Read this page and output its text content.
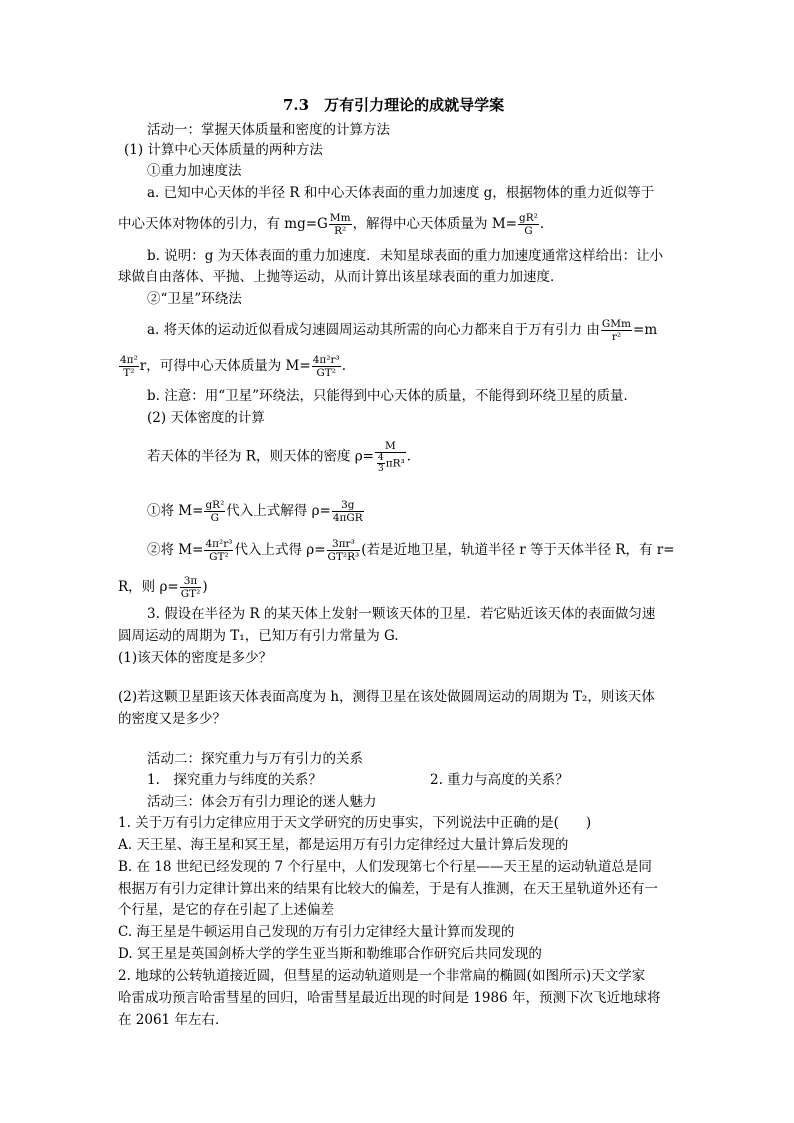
7.3　万有引力理论的成就导学案
活动一：掌握天体质量和密度的计算方法
(1) 计算中心天体质量的两种方法
①重力加速度法
a. 已知中心天体的半径 R 和中心天体表面的重力加速度 g，根据物体的重力近似等于
中心天体对物体的引力，有 $mg=G \frac{Mm}{\text{R²}}$ ，解得中心天体质量为 $M= \frac{\text{gR²}}{G}$ .
b. 说明：g 为天体表面的重力加速度．未知星球表面的重力加速度通常这样给出：让小
球做自由落体、平抛、上抛等运动，从而计算出该星球表面的重力加速度．
②“卫星”环绕法
a. 将天体的运动近似看成匀速圆周运动其所需的向心力都来自于万有引力 由 GMm
r² =m
$\frac{\text{4π²}}{\text{T²}}$ r，可得中心天体质量为 $M= \frac{\text{4π²r³}}{\text{GT²}}$ .
b. 注意：用“卫星”环绕法，只能得到中心天体的质量，不能得到环绕卫星的质量．
(2) 天体密度的计算
若天体的半径为 R，则天体的密度 $\rho= \frac{M}{\frac{4}{3} \pi R^3}$ .
①将 $M= \frac{\text{gR²}}{G}$ 代入上式解得 ρ= 3g
4πGR
②将 $M= \frac{\text{4π²r³}}{\text{GT²}}$ 代入上式得 $\rho= \frac{\text{3πr³}}{\text{GT²R³}}$ (若是近地卫星，轨道半径 r 等于天体半径 R，有 r=
R，则 $\rho= \frac{3\pi}{\text{GT²}}$ )
3. 假设在半径为 R 的某天体上发射一颗该天体的卫星．若它贴近该天体的表面做匀速
圆周运动的周期为 T₁，已知万有引力常量为 G.
(1)该天体的密度是多少？
(2)若这颗卫星距该天体表面高度为 h，测得卫星在该处做圆周运动的周期为 T₂，则该天体
的密度又是多少？
活动二：探究重力与万有引力的关系
1.　探究重力与纬度的关系？	2. 重力与高度的关系？
活动三：体会万有引力理论的迷人魅力
1. 关于万有引力定律应用于天文学研究的历史事实，下列说法中正确的是(　　)
A. 天王星、海王星和冥王星，都是运用万有引力定律经过大量计算后发现的
B. 在 18 世纪已经发现的 7 个行星中，人们发现第七个行星——天王星的运动轨道总是同
根据万有引力定律计算出来的结果有比较大的偏差，于是有人推测，在天王星轨道外还有一
个行星，是它的存在引起了上述偏差
C. 海王星是牛顿运用自己发现的万有引力定律经大量计算而发现的
D. 冥王星是英国剑桥大学的学生亚当斯和勒维耶合作研究后共同发现的
2. 地球的公转轨道接近圆，但彗星的运动轨道则是一个非常扁的椭圆(如图所示)天文学家
哈雷成功预言哈雷彗星的回归，哈雷彗星最近出现的时间是 1986 年，预测下次飞近地球将
在 2061 年左右．
